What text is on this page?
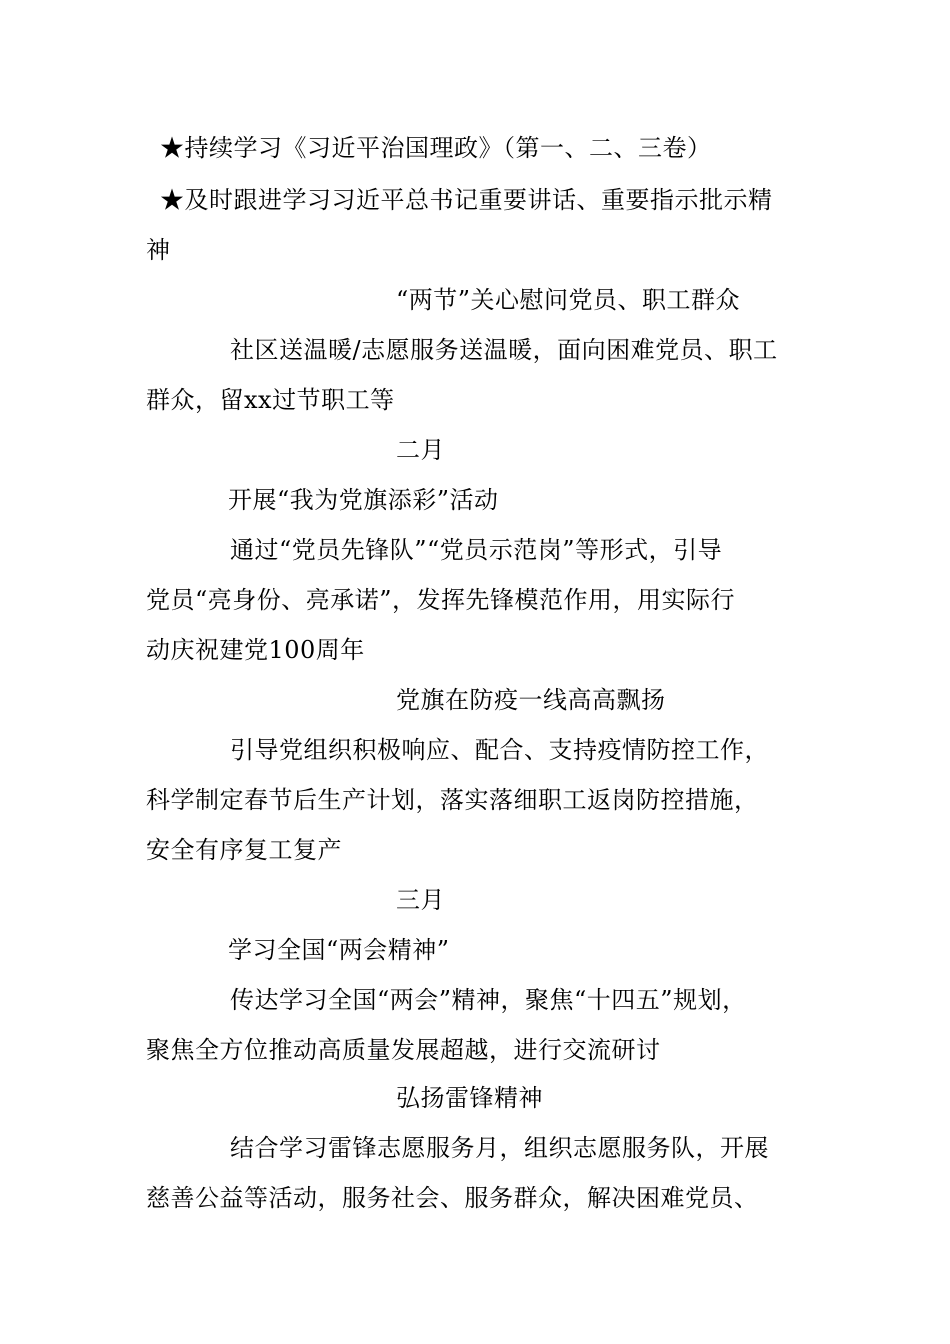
★持续学习《习近平治国理政》（第一、二、三卷）
★及时跟进学习习近平总书记重要讲话、重要指示批示精
神
“两节”关心慰问党员、职工群众
社区送温暖/志愿服务送温暖，面向困难党员、职工
群众，留xx过节职工等
二月
开展“我为党旗添彩”活动
通过“党员先锋队”“党员示范岗”等形式，引导
党员“亮身份、亮承诺”，发挥先锋模范作用，用实际行
动庆祝建党100周年
党旗在防疫一线高高飘扬
引导党组织积极响应、配合、支持疫情防控工作，
科学制定春节后生产计划，落实落细职工返岗防控措施，
安全有序复工复产
三月
学习全国“两会精神”
传达学习全国“两会”精神，聚焦“十四五”规划，
聚焦全方位推动高质量发展超越，进行交流研讨
弘扬雷锋精神
结合学习雷锋志愿服务月，组织志愿服务队，开展
慈善公益等活动，服务社会、服务群众，解决困难党员、
